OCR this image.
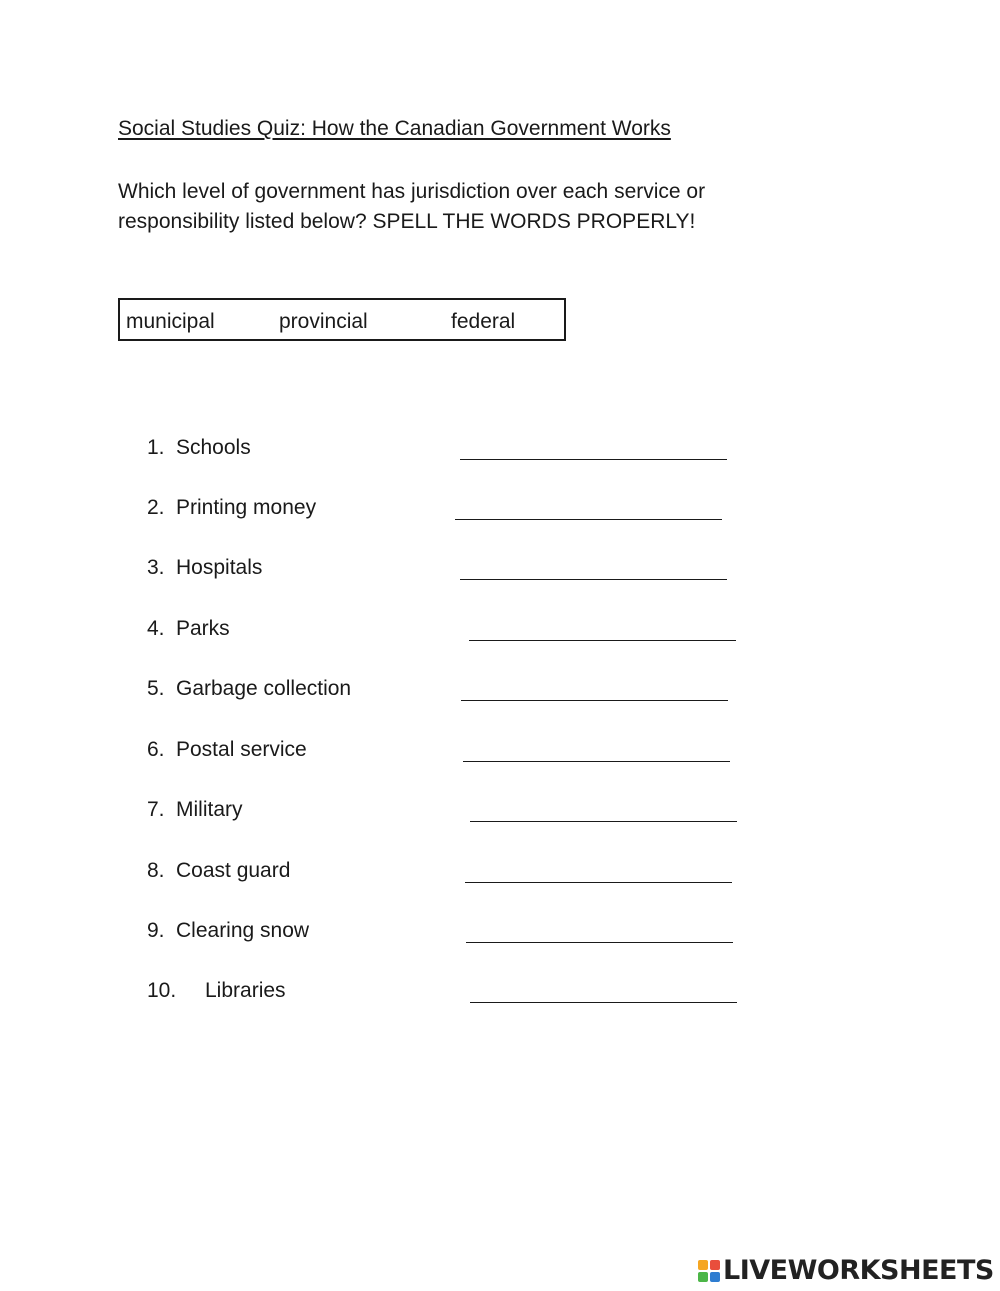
Social Studies Quiz: How the Canadian Government Works
Which level of government has jurisdiction over each service or responsibility listed below? SPELL THE WORDS PROPERLY!
municipal	provincial	federal
1. Schools
2. Printing money
3. Hospitals
4. Parks
5. Garbage collection
6. Postal service
7. Military
8. Coast guard
9. Clearing snow
10. Libraries
LIVEWORKSHEETS
